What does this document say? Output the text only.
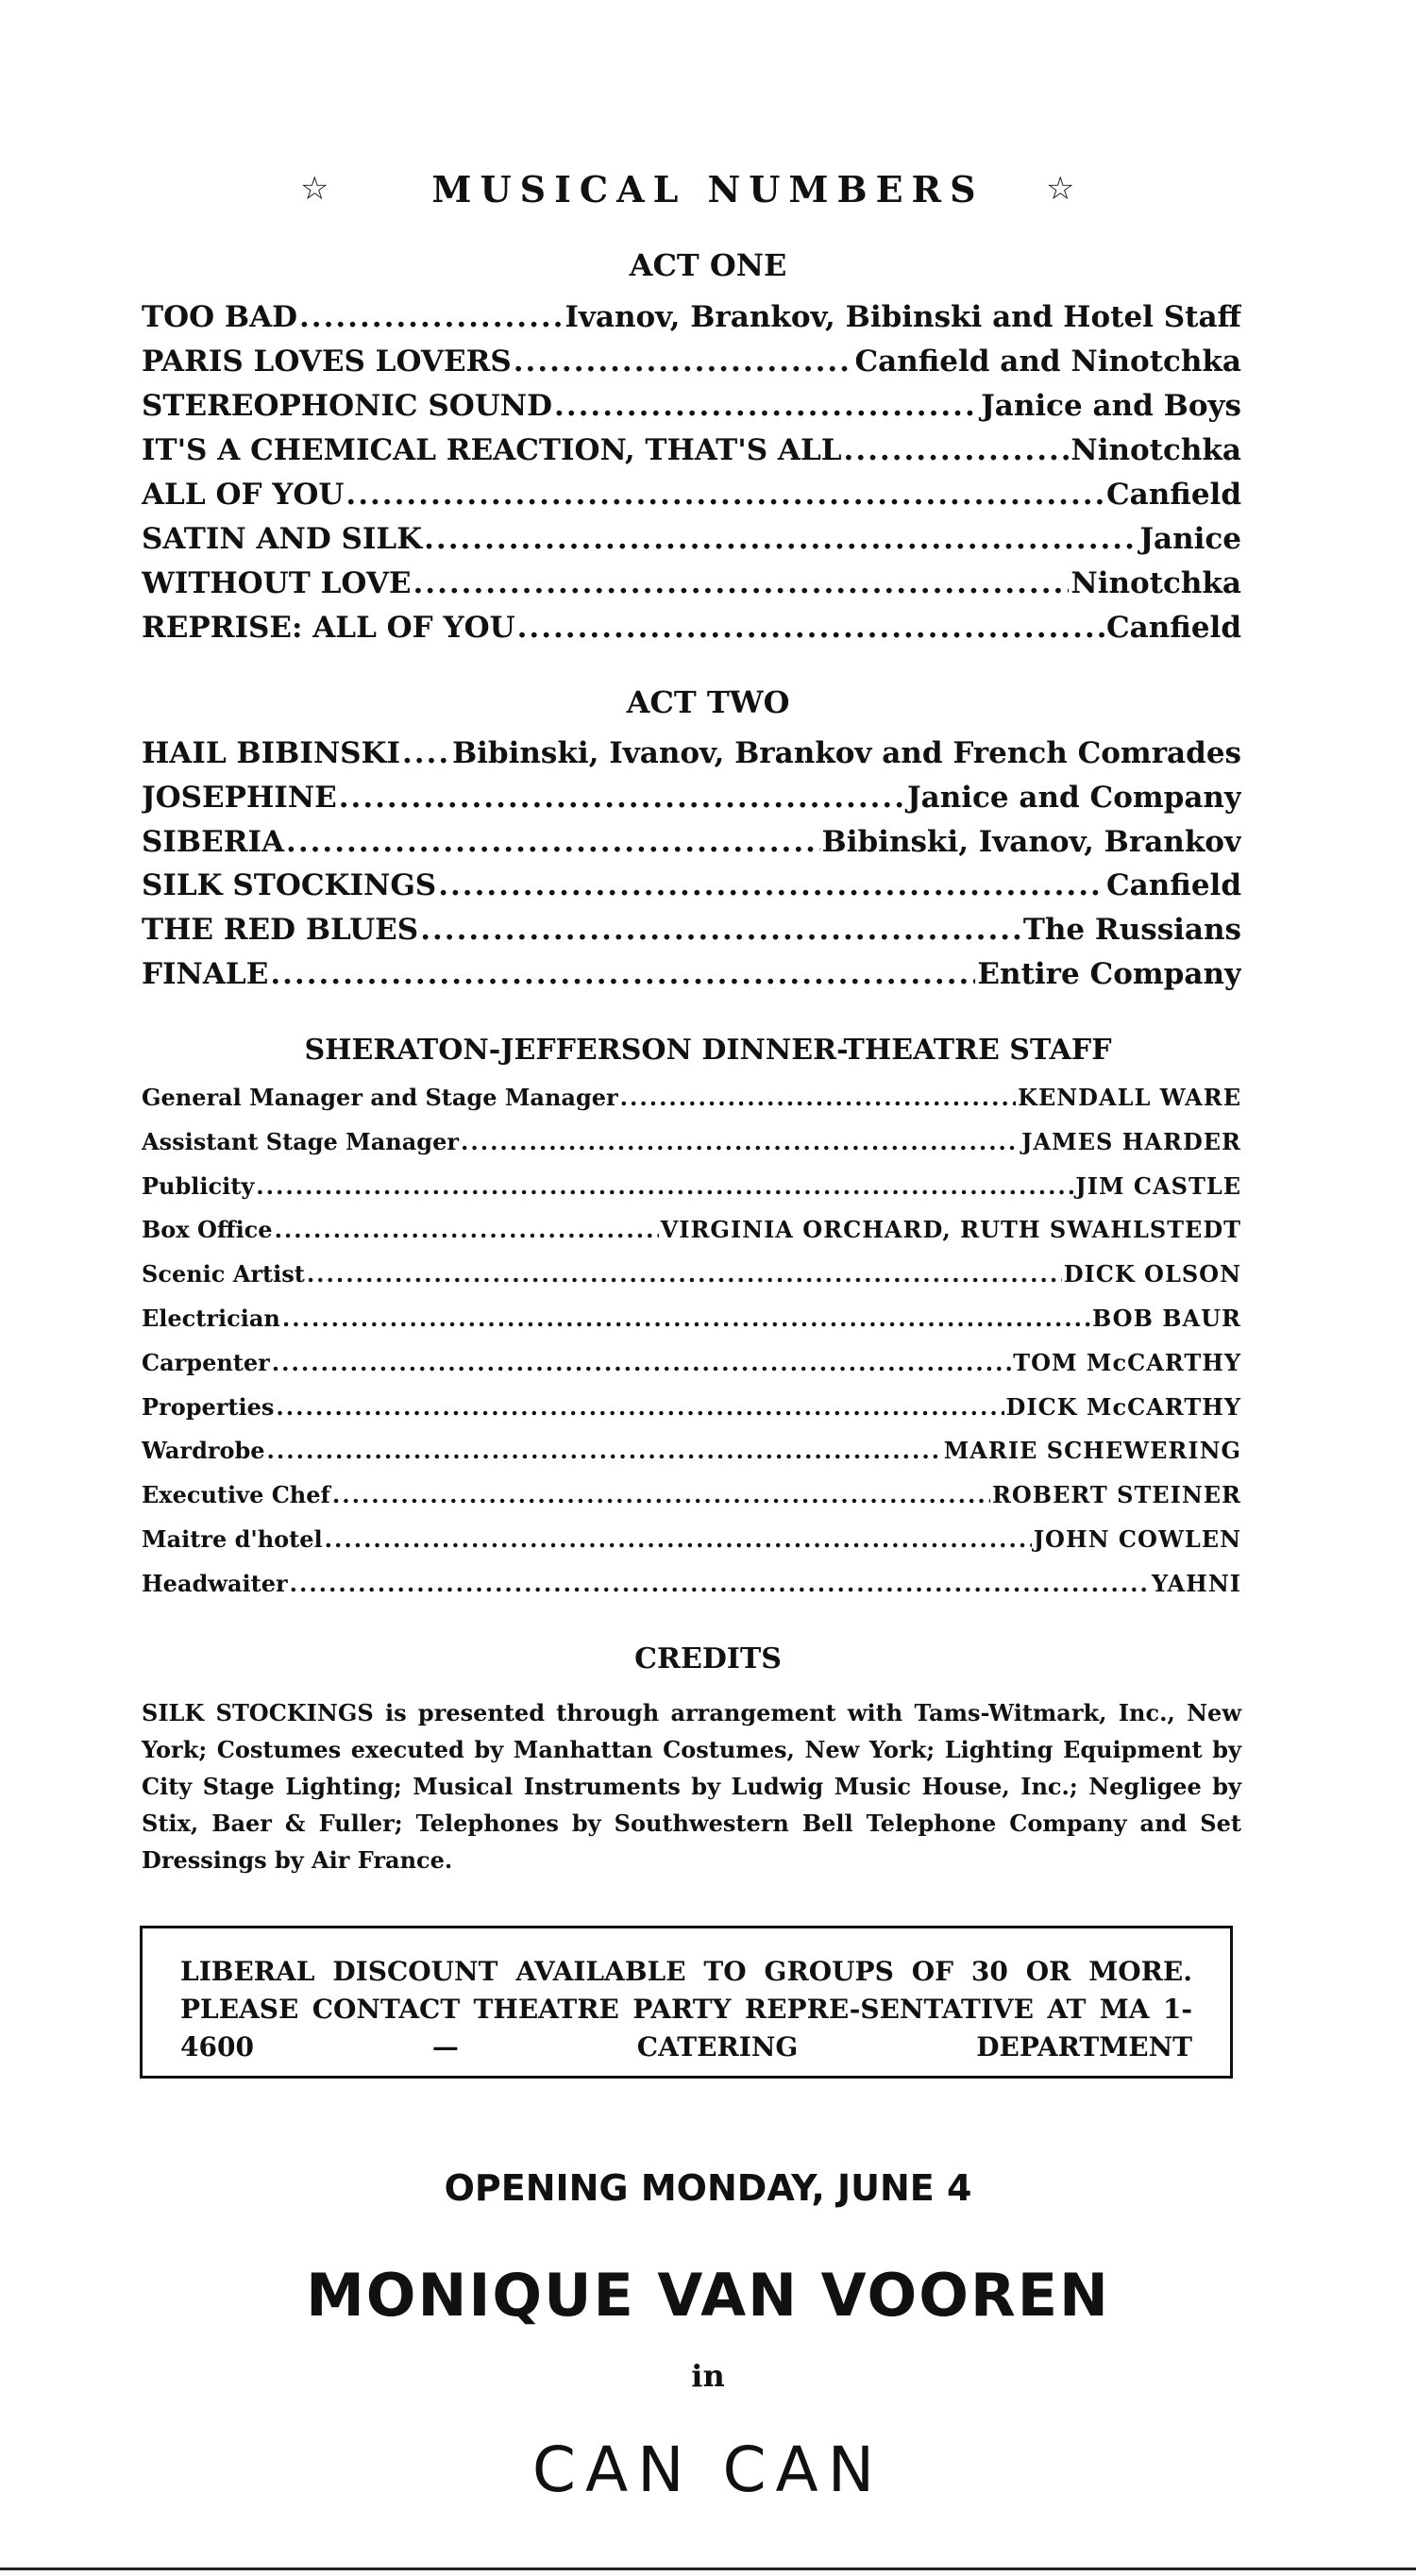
☆	MUSICAL NUMBERS ☆
ACT ONE
TOO BAD .....	Ivanov, Brankov, Bibinski and Hotel Staff
PARIS LOVES LOVERS .....	Canfield and Ninotchka
STEREOPHONIC SOUND .....	Janice and Boys
IT'S A CHEMICAL REACTION, THAT'S ALL .....	Ninotchka
ALL OF YOU .....	Canfield
SATIN AND SILK .....	Janice
WITHOUT LOVE .....	Ninotchka
REPRISE: ALL OF YOU .....	Canfield
ACT TWO
HAIL BIBINSKI ..... Bibinski, Ivanov, Brankov and French Comrades
JOSEPHINE .....	Janice and Company
SIBERIA .....	Bibinski, Ivanov, Brankov
SILK STOCKINGS .....	Canfield
THE RED BLUES .....	The Russians
FINALE .....	Entire Company
SHERATON-JEFFERSON DINNER-THEATRE STAFF
General Manager and Stage Manager .....	KENDALL WARE
Assistant Stage Manager .....	JAMES HARDER
Publicity .....	JIM CASTLE
Box Office .....	VIRGINIA ORCHARD, RUTH SWAHLSTEDT
Scenic Artist .....	DICK OLSON
Electrician .....	BOB BAUR
Carpenter .....	TOM McCARTHY
Properties .....	DICK McCARTHY
Wardrobe .....	MARIE SCHEWERING
Executive Chef .....	ROBERT STEINER
Maitre d'hotel .....	JOHN COWLEN
Headwaiter .....	YAHNI
CREDITS
SILK STOCKINGS is presented through arrangement with Tams-Witmark, Inc., New York; Costumes executed by Manhattan Costumes, New York; Lighting Equipment by City Stage Lighting; Musical Instruments by Ludwig Music House, Inc.; Negligee by Stix, Baer & Fuller; Telephones by Southwestern Bell Telephone Company and Set Dressings by Air France.
LIBERAL DISCOUNT AVAILABLE TO GROUPS OF 30 OR MORE. PLEASE CONTACT THEATRE PARTY REPRE-SENTATIVE AT MA 1-4600 — CATERING DEPARTMENT
OPENING MONDAY, JUNE 4
MONIQUE VAN VOOREN
in
CAN CAN
